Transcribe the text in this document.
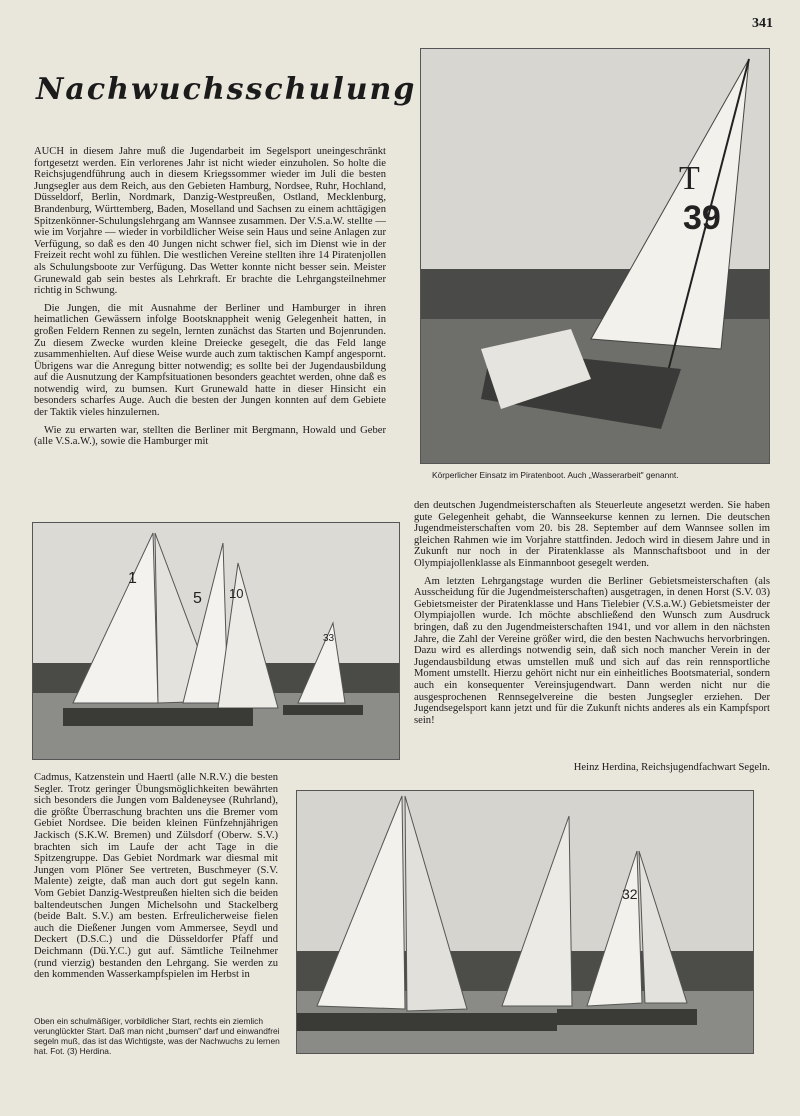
341
Nachwuchsschulung

AUCH in diesem Jahre muß die Jugendarbeit im Segelsport uneingeschränkt fortgesetzt werden. Ein verlorenes Jahr ist nicht wieder einzuholen. So holte die Reichsjugendführung auch in diesem Kriegssommer wieder im Juli die besten Jungsegler aus dem Reich, aus den Gebieten Hamburg, Nordsee, Ruhr, Hochland, Düsseldorf, Berlin, Nordmark, Danzig-Westpreußen, Ostland, Mecklenburg, Brandenburg, Württemberg, Baden, Moselland und Sachsen zu einem achttägigen Spitzenkönner-Schulungslehrgang am Wannsee zusammen. Der V.S.a.W. stellte — wie im Vorjahre — wieder in vorbildlicher Weise sein Haus und seine Anlagen zur Verfügung, so daß es den 40 Jungen nicht schwer fiel, sich im Dienst wie in der Freizeit recht wohl zu fühlen. Die westlichen Vereine stellten ihre 14 Piratenjollen als Schulungsboote zur Verfügung. Das Wetter konnte nicht besser sein. Meister Grunewald gab sein bestes als Lehrkraft. Er brachte die Lehrgangsteilnehmer richtig in Schwung.

Die Jungen, die mit Ausnahme der Berliner und Hamburger in ihren heimatlichen Gewässern infolge Bootsknappheit wenig Gelegenheit hatten, in großen Feldern Rennen zu segeln, lernten zunächst das Starten und Bojenrunden. Zu diesem Zwecke wurden kleine Dreiecke gesegelt, die das Feld lange zusammenhielten. Auf diese Weise wurde auch zum taktischen Kampf angespornt. Übrigens war die Anregung bitter notwendig; es sollte bei der Jugendausbildung auf die Ausnutzung der Kampfsituationen besonders geachtet werden, ohne daß es notwendig wird, zu bumsen. Kurt Grunewald hatte in dieser Hinsicht ein besonders scharfes Auge. Auch die besten der Jungen konnten auf dem Gebiete der Taktik vieles hinzulernen.

Wie zu erwarten war, stellten die Berliner mit Bergmann, Howald und Geber (alle V.S.a.W.), sowie die Hamburger mit

T
39
Körperlicher Einsatz im Piratenboot. Auch „Wasserarbeit" genannt.
1
5 10
33

den deutschen Jugendmeisterschaften als Steuerleute angesetzt werden. Sie haben gute Gelegenheit gehabt, die Wannseekurse kennen zu lernen. Die deutschen Jugendmeisterschaften vom 20. bis 28. September auf dem Wannsee sollen im gleichen Rahmen wie im Vorjahre stattfinden. Jedoch wird in diesem Jahre und in Zukunft nur noch in der Piratenklasse als Mannschaftsboot und in der Olympiajollenklasse als Einmannboot gesegelt werden.

Am letzten Lehrgangstage wurden die Berliner Gebietsmeisterschaften (als Ausscheidung für die Jugendmeisterschaften) ausgetragen, in denen Horst (S.V. 03) Gebietsmeister der Piratenklasse und Hans Tielebier (V.S.a.W.) Gebietsmeister der Olympiajollen wurde. Ich möchte abschließend den Wunsch zum Ausdruck bringen, daß zu den Jugendmeisterschaften 1941, und vor allem in den nächsten Jahre, die Zahl der Vereine größer wird, die den besten Nachwuchs hervorbringen. Dazu wird es allerdings notwendig sein, daß sich noch mancher Verein in der Jugendausbildung etwas umstellen muß und sich auf das rein rennsportliche Moment umstellt. Hierzu gehört nicht nur ein einheitliches Bootsmaterial, sondern auch ein konsequenter Vereinsjugendwart. Dann werden nicht nur die ausgesprochenen Rennsegelvereine die besten Jungsegler erziehen. Der Jugendsegelsport kann jetzt und für die Zukunft nichts anderes als ein Kampfsport sein!

Heinz Herdina, Reichsjugendfachwart Segeln.

Cadmus, Katzenstein und Haertl (alle N.R.V.) die besten Segler. Trotz geringer Übungsmöglichkeiten bewährten sich besonders die Jungen vom Baldeneysee (Ruhrland), die größte Überraschung brachten uns die Bremer vom Gebiet Nordsee. Die beiden kleinen Fünfzehnjährigen Jackisch (S.K.W. Bremen) und Zülsdorf (Oberw. S.V.) brachten sich im Laufe der acht Tage in die Spitzengruppe. Das Gebiet Nordmark war diesmal mit Jungen vom Plöner See vertreten, Buschmeyer (S.V. Malente) zeigte, daß man auch dort gut segeln kann. Vom Gebiet Danzig-Westpreußen hielten sich die beiden baltendeutschen Jungen Michelsohn und Stackelberg (beide Balt. S.V.) am besten. Erfreulicherweise fielen auch die Dießener Jungen vom Ammersee, Seydl und Deckert (D.S.C.) und die Düsseldorfer Pfaff und Deichmann (Dü.Y.C.) gut auf. Sämtliche Teilnehmer (rund vierzig) bestanden den Lehrgang. Sie werden zu den kommenden Wasserkampfspielen im Herbst in

Oben ein schulmäßiger, vorbildlicher Start, rechts ein ziemlich verunglückter Start. Daß man nicht „bumsen" darf und einwandfrei segeln muß, das ist das Wichtigste, was der Nachwuchs zu lernen hat. Fot. (3) Herdina.
32
